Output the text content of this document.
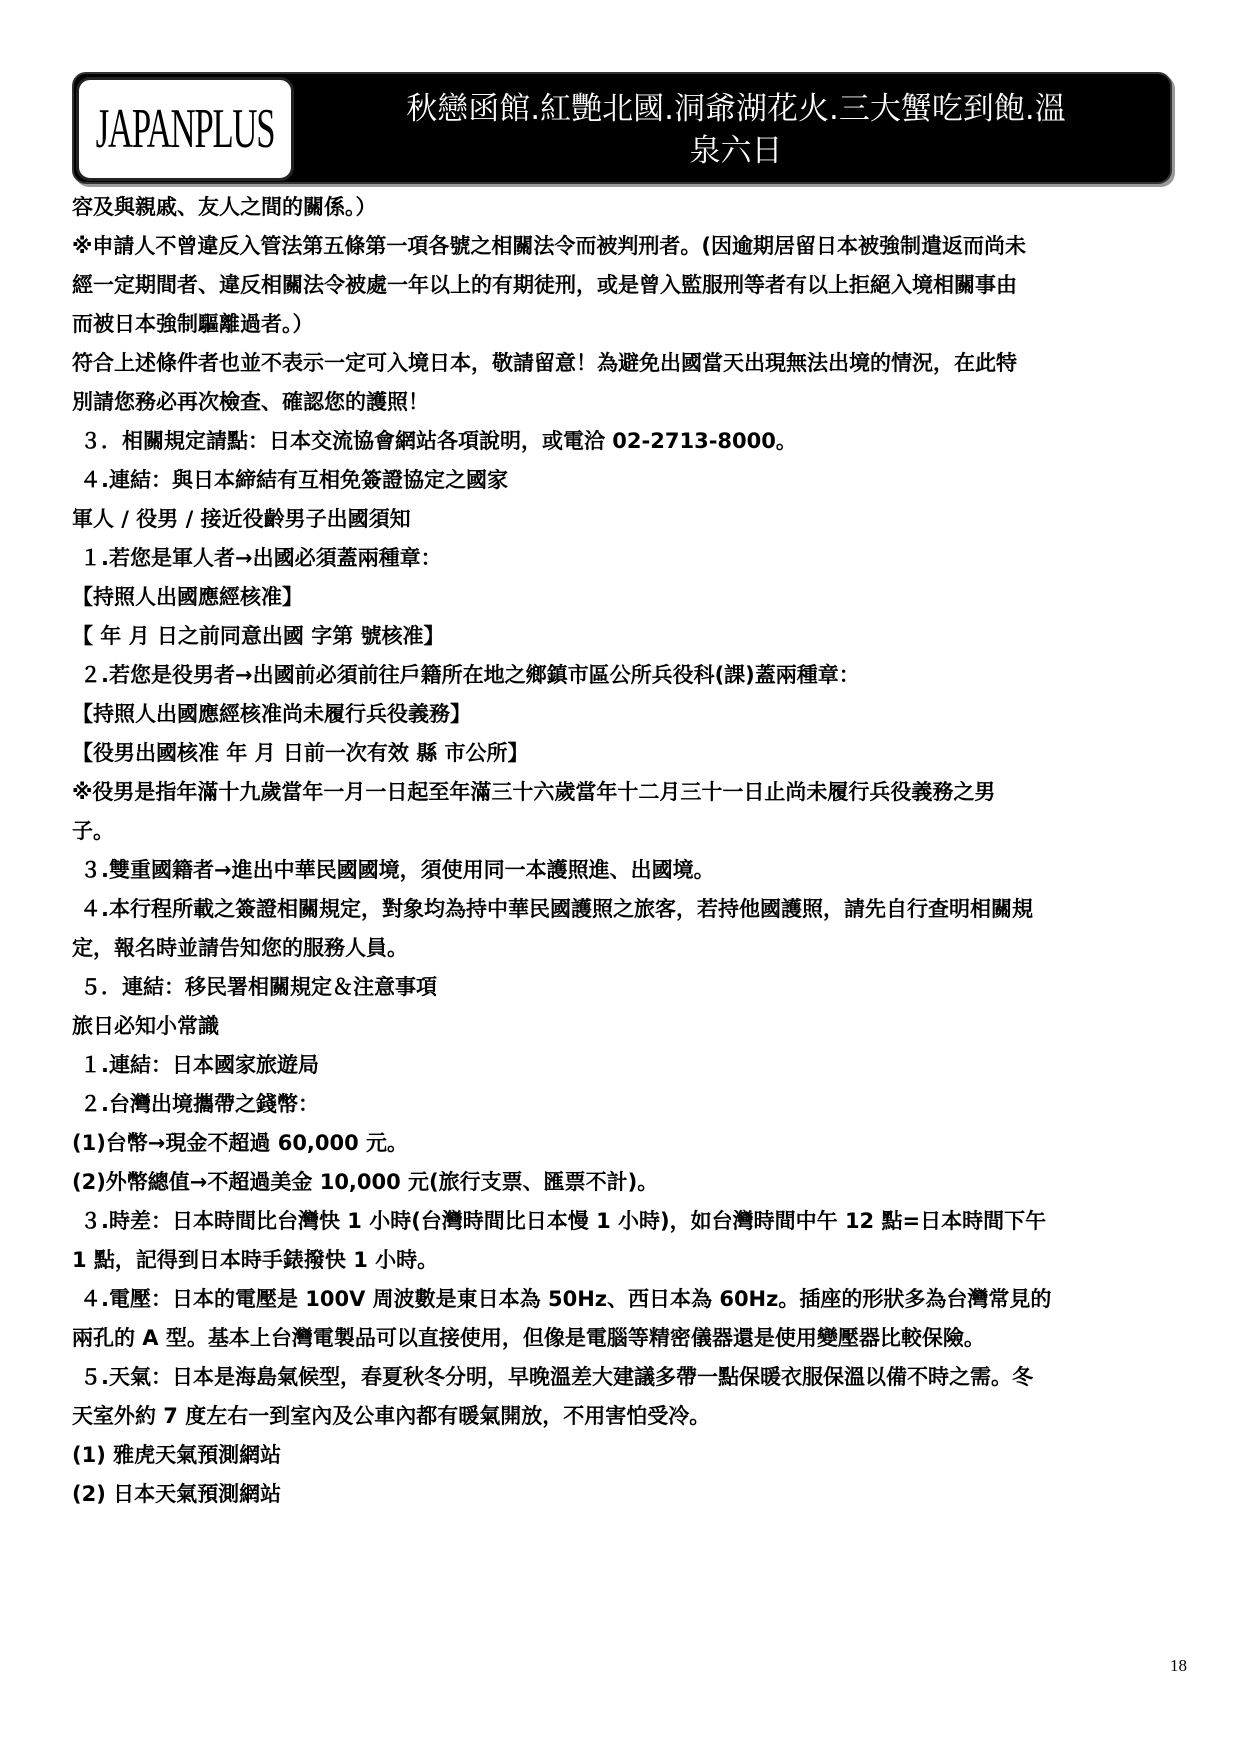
JAPANPLUS	秋戀函館.紅艷北國.洞爺湖花火.三大蟹吃到飽.溫
泉六日
容及與親戚、友人之間的關係。）
※申請人不曾違反入管法第五條第一項各號之相關法令而被判刑者。(因逾期居留日本被強制遣返而尚未
經一定期間者、違反相關法令被處一年以上的有期徒刑，或是曾入監服刑等者有以上拒絕入境相關事由
而被日本強制驅離過者。）
符合上述條件者也並不表示一定可入境日本，敬請留意！為避免出國當天出現無法出境的情況，在此特
別請您務必再次檢查、確認您的護照！
３．相關規定請點：日本交流協會網站各項說明，或電洽 02-2713-8000。
４.連結：與日本締結有互相免簽證協定之國家
軍人 / 役男 / 接近役齡男子出國須知
１.若您是軍人者→出國必須蓋兩種章：
【持照人出國應經核准】
【 年 月 日之前同意出國 字第 號核准】
２.若您是役男者→出國前必須前往戶籍所在地之鄉鎮市區公所兵役科(課)蓋兩種章：
【持照人出國應經核准尚未履行兵役義務】
【役男出國核准 年 月 日前一次有效 縣 市公所】
※役男是指年滿十九歲當年一月一日起至年滿三十六歲當年十二月三十一日止尚未履行兵役義務之男
子。
３.雙重國籍者→進出中華民國國境，須使用同一本護照進、出國境。
４.本行程所載之簽證相關規定，對象均為持中華民國護照之旅客，若持他國護照，請先自行查明相關規
定，報名時並請告知您的服務人員。
５．連結：移民署相關規定＆注意事項
旅日必知小常識
１.連結：日本國家旅遊局
２.台灣出境攜帶之錢幣：
(1)台幣→現金不超過 60,000 元。
(2)外幣總值→不超過美金 10,000 元(旅行支票、匯票不計)。
３.時差：日本時間比台灣快 1 小時(台灣時間比日本慢 1 小時)，如台灣時間中午 12 點=日本時間下午
1 點，記得到日本時手錶撥快 1 小時。
４.電壓：日本的電壓是 100V 周波數是東日本為 50Hz、西日本為 60Hz。插座的形狀多為台灣常見的
兩孔的 A 型。基本上台灣電製品可以直接使用，但像是電腦等精密儀器還是使用變壓器比較保險。
５.天氣：日本是海島氣候型，春夏秋冬分明，早晚溫差大建議多帶一點保暖衣服保溫以備不時之需。冬
天室外約 7 度左右一到室內及公車內都有暖氣開放，不用害怕受冷。
(1) 雅虎天氣預測網站
(2) 日本天氣預測網站
18
